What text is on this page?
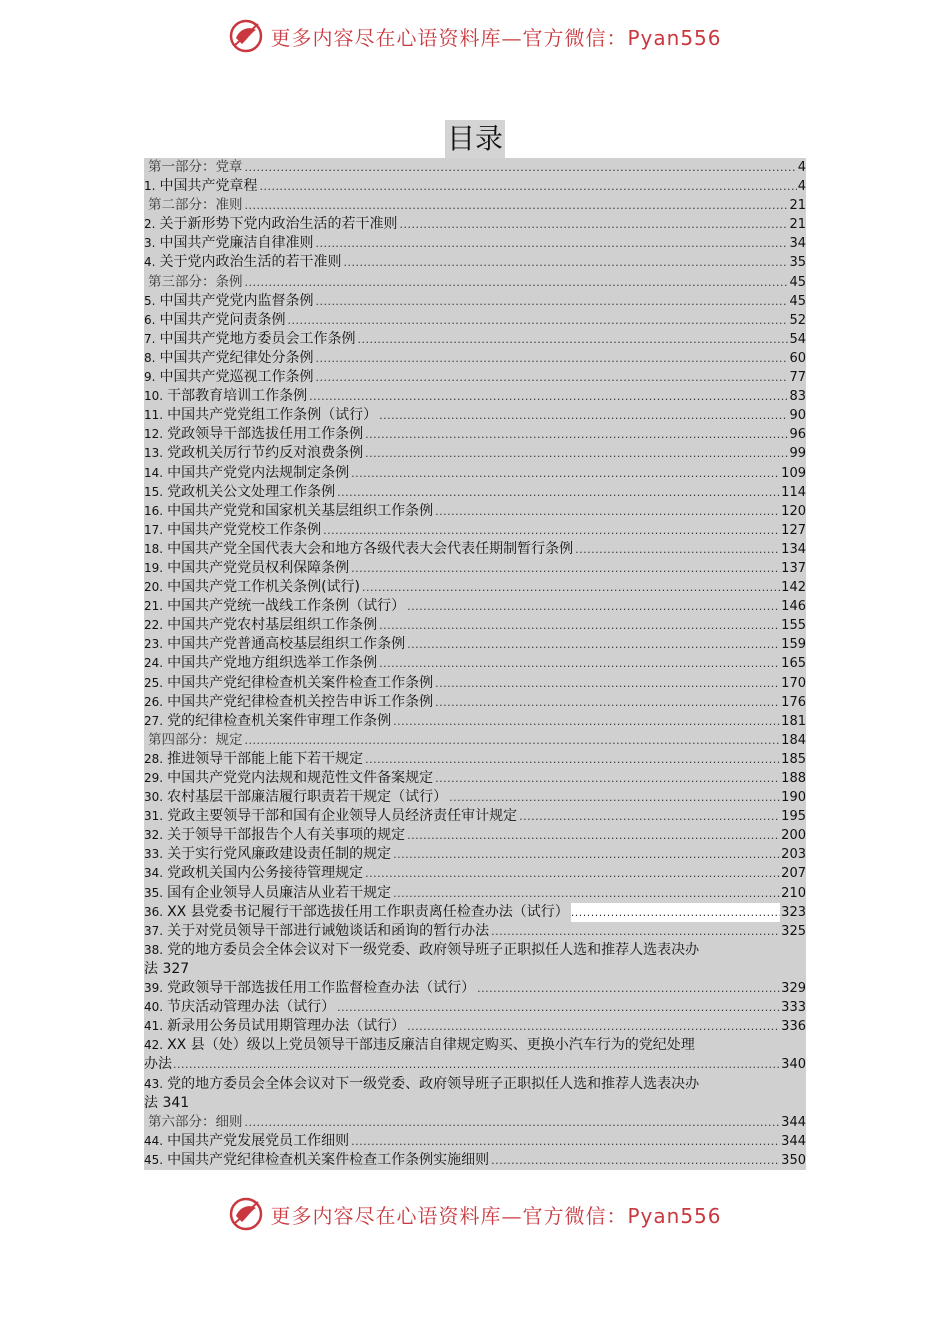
更多内容尽在心语资料库—官方微信：Pyan556
目录
第一部分：党章 .....	4
1. 中国共产党章程 .....	4
第二部分：准则 .....	21
2. 关于新形势下党内政治生活的若干准则 .....	21
3. 中国共产党廉洁自律准则 .....	34
4. 关于党内政治生活的若干准则 .....	35
第三部分：条例 .....	45
5. 中国共产党党内监督条例 .....	45
6. 中国共产党问责条例 .....	52
7. 中国共产党地方委员会工作条例 .....	54
8. 中国共产党纪律处分条例 .....	60
9. 中国共产党巡视工作条例 .....	77
10. 干部教育培训工作条例 .....	83
11. 中国共产党党组工作条例（试行） .....	90
12. 党政领导干部选拔任用工作条例 .....	96
13. 党政机关厉行节约反对浪费条例 .....	99
14. 中国共产党党内法规制定条例 .....	109
15. 党政机关公文处理工作条例 .....	114
16. 中国共产党党和国家机关基层组织工作条例 .....	120
17. 中国共产党党校工作条例 .....	127
18. 中国共产党全国代表大会和地方各级代表大会代表任期制暂行条例 .....	134
19. 中国共产党党员权利保障条例 .....	137
20. 中国共产党工作机关条例(试行) .....	142
21. 中国共产党统一战线工作条例（试行） .....	146
22. 中国共产党农村基层组织工作条例 .....	155
23. 中国共产党普通高校基层组织工作条例 .....	159
24. 中国共产党地方组织选举工作条例 .....	165
25. 中国共产党纪律检查机关案件检查工作条例 .....	170
26. 中国共产党纪律检查机关控告申诉工作条例 .....	176
27. 党的纪律检查机关案件审理工作条例 .....	181
第四部分：规定 .....	184
28. 推进领导干部能上能下若干规定 .....	185
29. 中国共产党党内法规和规范性文件备案规定 .....	188
30. 农村基层干部廉洁履行职责若干规定（试行） .....	190
31. 党政主要领导干部和国有企业领导人员经济责任审计规定 .....	195
32. 关于领导干部报告个人有关事项的规定 .....	200
33. 关于实行党风廉政建设责任制的规定 .....	203
34. 党政机关国内公务接待管理规定 .....	207
35. 国有企业领导人员廉洁从业若干规定 .....	210
36. XX 县党委书记履行干部选拔任用工作职责离任检查办法（试行） .....	323
37. 关于对党员领导干部进行诫勉谈话和函询的暂行办法 .....	325
38. 党的地方委员会全体会议对下一级党委、政府领导班子正职拟任人选和推荐人选表决办
法 327
39. 党政领导干部选拔任用工作监督检查办法（试行） .....	329
40. 节庆活动管理办法（试行） .....	333
41. 新录用公务员试用期管理办法（试行） .....	336
42. XX 县（处）级以上党员领导干部违反廉洁自律规定购买、更换小汽车行为的党纪处理
办法 .....	340
43. 党的地方委员会全体会议对下一级党委、政府领导班子正职拟任人选和推荐人选表决办
法 341
第六部分：细则 .....	344
44. 中国共产党发展党员工作细则 .....	344
45. 中国共产党纪律检查机关案件检查工作条例实施细则 .....	350
更多内容尽在心语资料库—官方微信：Pyan556
